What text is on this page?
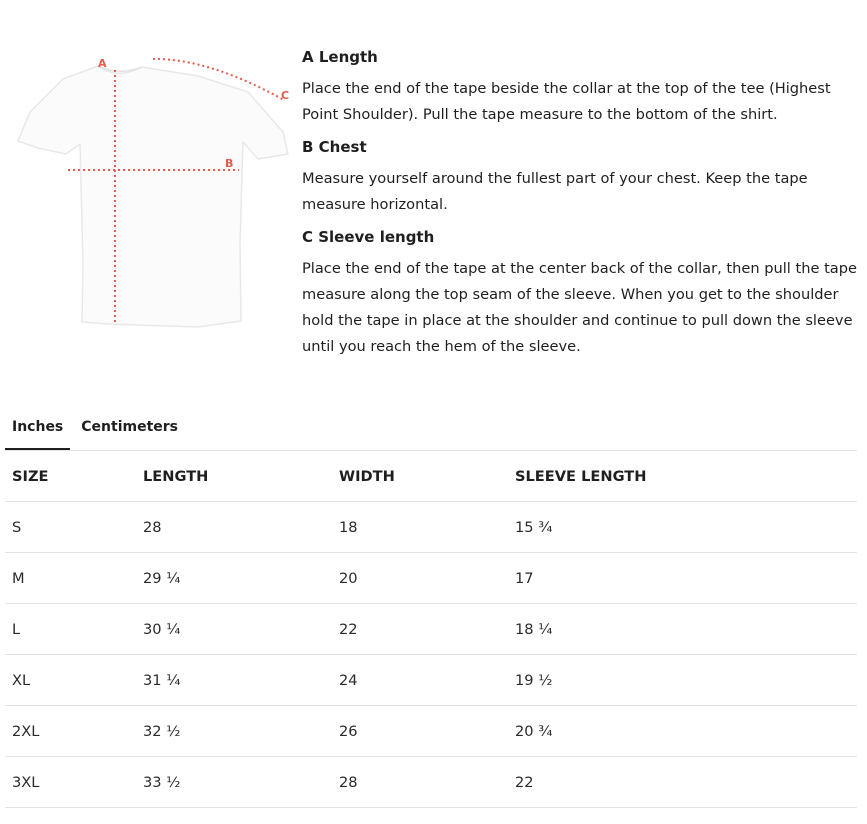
A
B
C

A Length

Place the end of the tape beside the collar at the top of the tee (Highest Point Shoulder). Pull the tape measure to the bottom of the shirt.

B Chest

Measure yourself around the fullest part of your chest. Keep the tape measure horizontal.

C Sleeve length

Place the end of the tape at the center back of the collar, then pull the tape measure along the top seam of the sleeve. When you get to the shoulder hold the tape in place at the shoulder and continue to pull down the sleeve until you reach the hem of the sleeve.

Inches	Centimeters
SIZE	LENGTH	WIDTH	SLEEVE LENGTH
S	28	18	15 ¾
M	29 ¼	20	17
L	30 ¼	22	18 ¼
XL	31 ¼	24	19 ½
2XL	32 ½	26	20 ¾
3XL	33 ½	28	22
